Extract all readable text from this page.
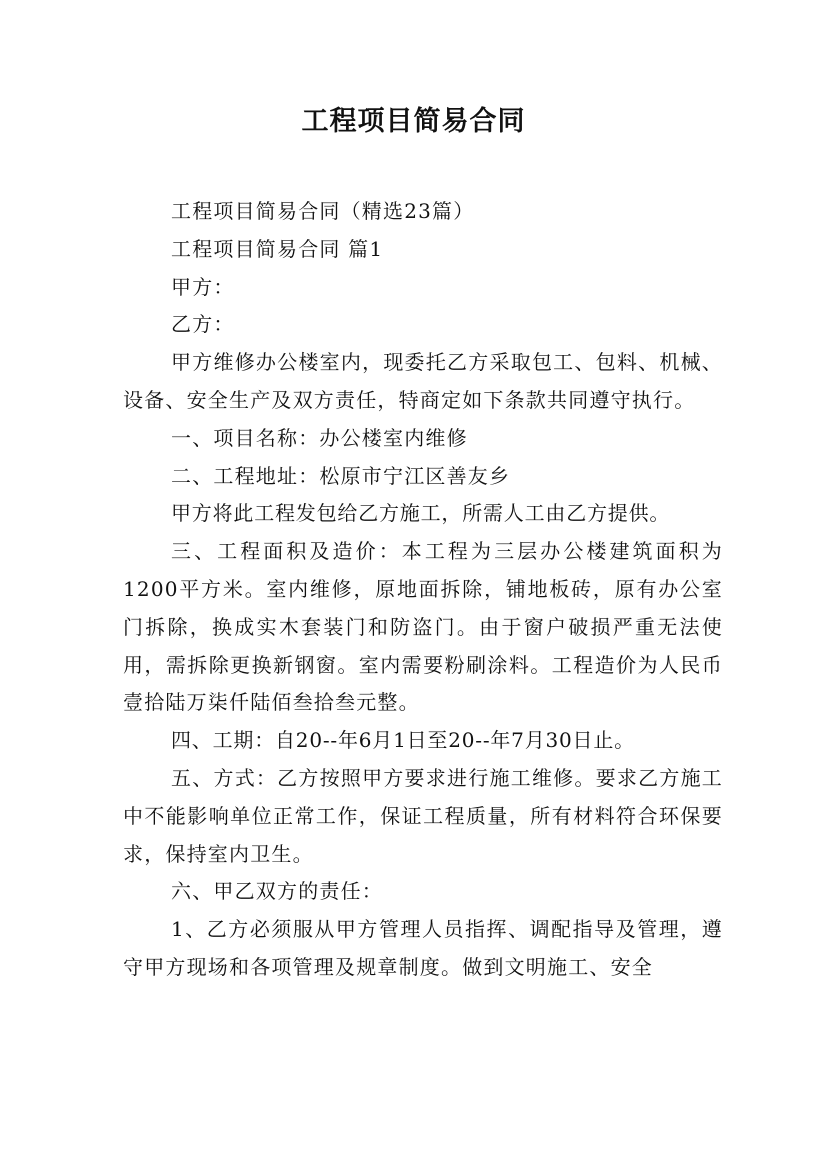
工程项目简易合同

工程项目简易合同（精选23篇）

工程项目简易合同 篇1

甲方：

乙方：

甲方维修办公楼室内，现委托乙方采取包工、包料、机械、设备、安全生产及双方责任，特商定如下条款共同遵守执行。

一、项目名称：办公楼室内维修

二、工程地址：松原市宁江区善友乡

甲方将此工程发包给乙方施工，所需人工由乙方提供。

三、工程面积及造价：本工程为三层办公楼建筑面积为1200平方米。室内维修，原地面拆除，铺地板砖，原有办公室门拆除，换成实木套装门和防盗门。由于窗户破损严重无法使用，需拆除更换新钢窗。室内需要粉刷涂料。工程造价为人民币壹拾陆万柒仟陆佰叁拾叁元整。

四、工期：自20--年6月1日至20--年7月30日止。

五、方式：乙方按照甲方要求进行施工维修。要求乙方施工中不能影响单位正常工作，保证工程质量，所有材料符合环保要求，保持室内卫生。

六、甲乙双方的责任：

1、乙方必须服从甲方管理人员指挥、调配指导及管理，遵守甲方现场和各项管理及规章制度。做到文明施工、安全
